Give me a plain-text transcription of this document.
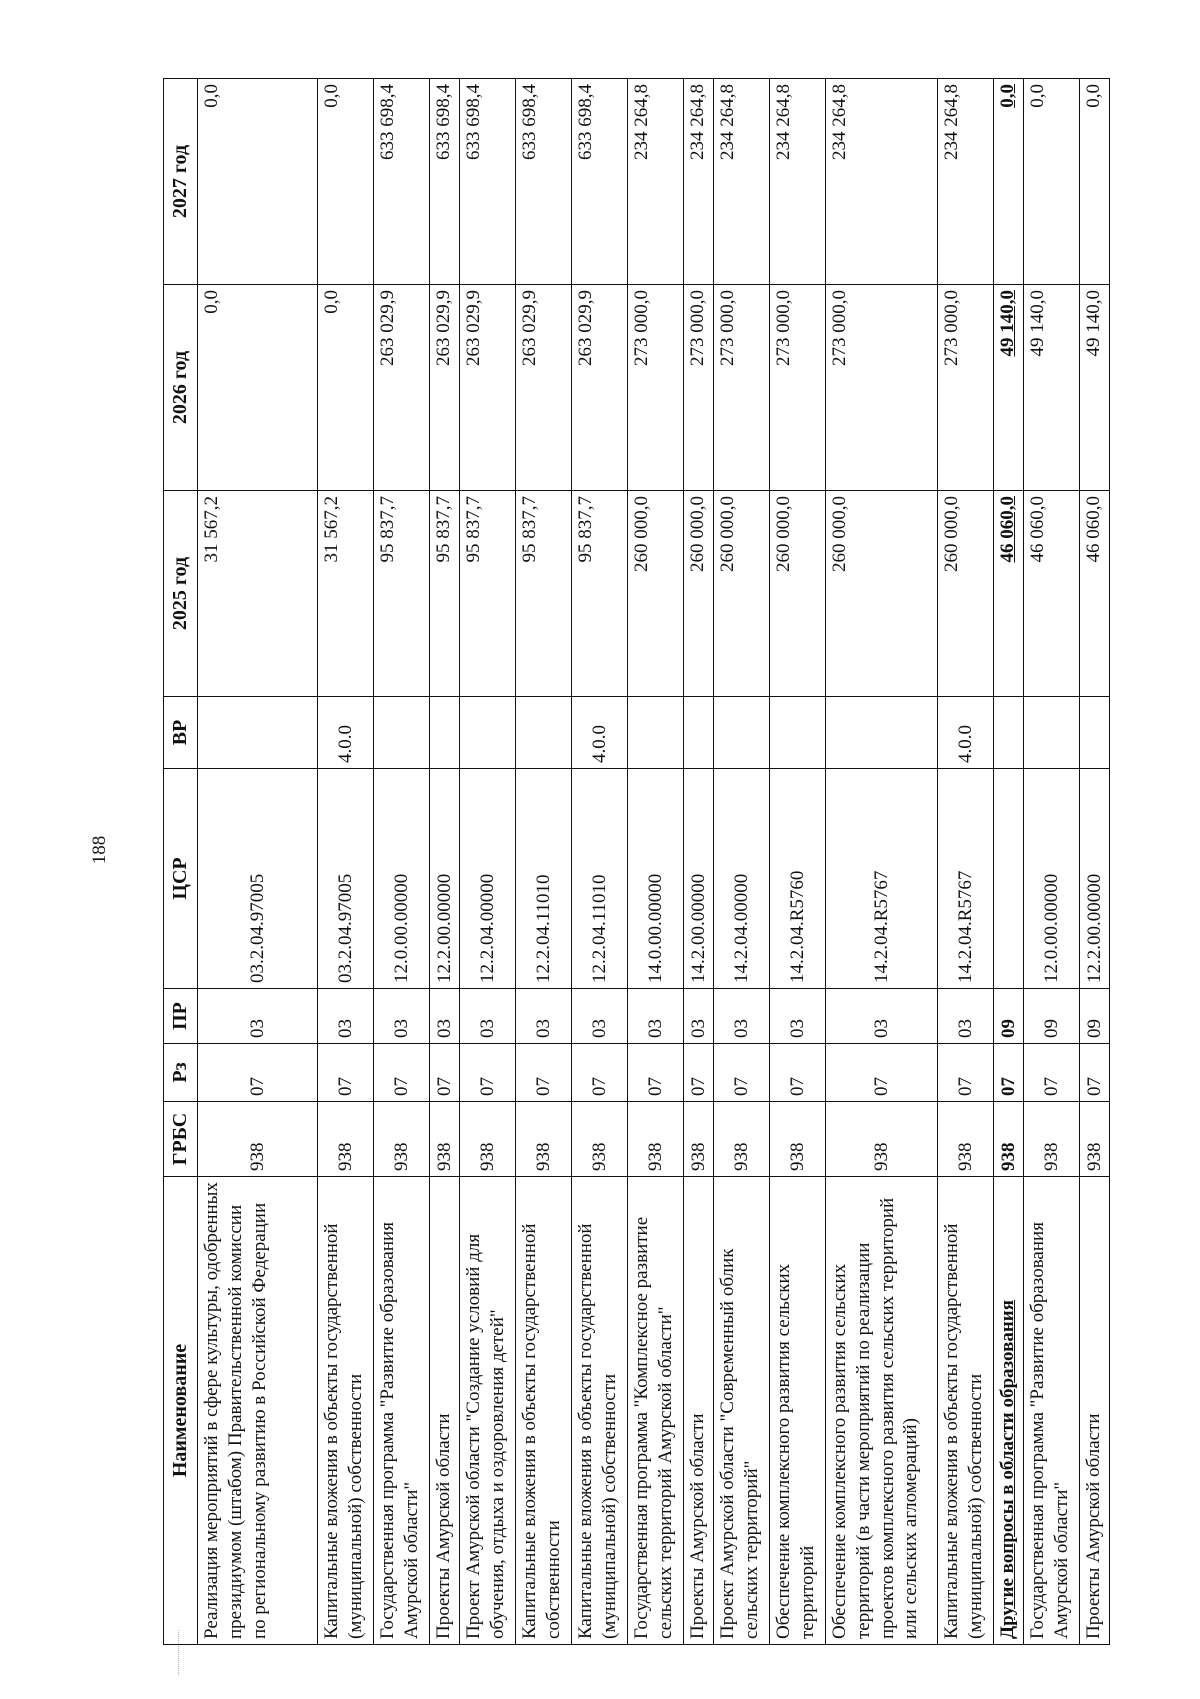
188
Наименование	ГРБС	Рз	ПР	ЦСР	ВР	2025 год	2026 год	2027 год
Реализация мероприятий в сфере культуры, одобренных президиумом (штабом) Правительственной комиссии по региональному развитию в Российской Федерации	938	07	03	03.2.04.97005		31 567,2	0,0	0,0
Капитальные вложения в объекты государственной (муниципальной) собственности	938	07	03	03.2.04.97005	4.0.0	31 567,2	0,0	0,0
Государственная программа "Развитие образования Амурской области"	938	07	03	12.0.00.00000		95 837,7	263 029,9	633 698,4
Проекты Амурской области	938	07	03	12.2.00.00000		95 837,7	263 029,9	633 698,4
Проект Амурской области "Создание условий для обучения, отдыха и оздоровления детей"	938	07	03	12.2.04.00000		95 837,7	263 029,9	633 698,4
Капитальные вложения в объекты государственной собственности	938	07	03	12.2.04.11010		95 837,7	263 029,9	633 698,4
Капитальные вложения в объекты государственной (муниципальной) собственности	938	07	03	12.2.04.11010	4.0.0	95 837,7	263 029,9	633 698,4
Государственная программа "Комплексное развитие сельских территорий Амурской области"	938	07	03	14.0.00.00000		260 000,0	273 000,0	234 264,8
Проекты Амурской области	938	07	03	14.2.00.00000		260 000,0	273 000,0	234 264,8
Проект Амурской области "Современный облик сельских территорий"	938	07	03	14.2.04.00000		260 000,0	273 000,0	234 264,8
Обеспечение комплексного развития сельских территорий	938	07	03	14.2.04.R5760		260 000,0	273 000,0	234 264,8
Обеспечение комплексного развития сельских территорий (в части мероприятий по реализации проектов комплексного развития сельских территорий или сельских агломераций)	938	07	03	14.2.04.R5767		260 000,0	273 000,0	234 264,8
Капитальные вложения в объекты государственной (муниципальной) собственности	938	07	03	14.2.04.R5767	4.0.0	260 000,0	273 000,0	234 264,8
Другие вопросы в области образования	938	07	09			46 060,0	49 140,0	0,0
Государственная программа "Развитие образования Амурской области"	938	07	09	12.0.00.00000		46 060,0	49 140,0	0,0
Проекты Амурской области	938	07	09	12.2.00.00000		46 060,0	49 140,0	0,0
